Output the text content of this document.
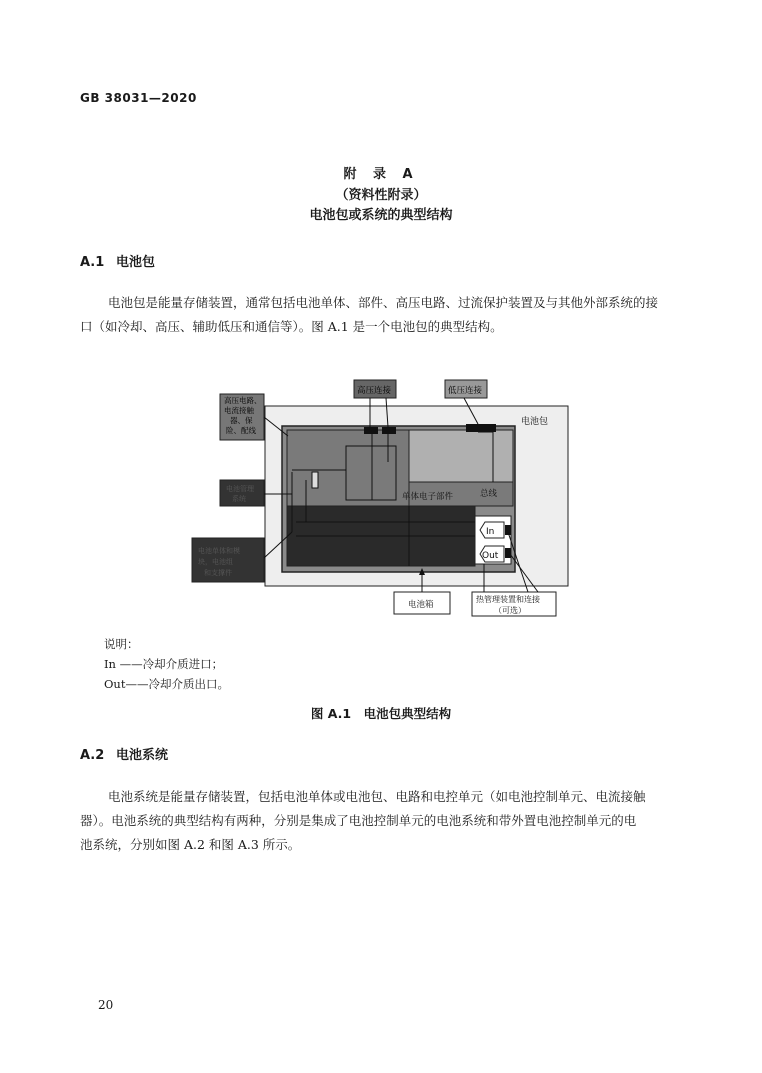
GB 38031—2020
附 录 A
（资料性附录）
电池包或系统的典型结构
A.1 电池包
电池包是能量存储装置，通常包括电池单体、部件、高压电路、过流保护装置及与其他外部系统的接
口（如冷却、高压、辅助低压和通信等）。图 A.1 是一个电池包的典型结构。
In
Out
单体电子部件	总线
电池包
高压电路、
电流接触
器、保
险、配线
高压连接	低压连接
电池管理
系统
电池单体和模
块，电池组
和支撑件
电池箱
热管理装置和连接
（可选）
说明：
In ——冷却介质进口；
Out——冷却介质出口。
图 A.1　电池包典型结构
A.2 电池系统
电池系统是能量存储装置，包括电池单体或电池包、电路和电控单元（如电池控制单元、电流接触
器）。电池系统的典型结构有两种，分别是集成了电池控制单元的电池系统和带外置电池控制单元的电
池系统，分别如图 A.2 和图 A.3 所示。
20
